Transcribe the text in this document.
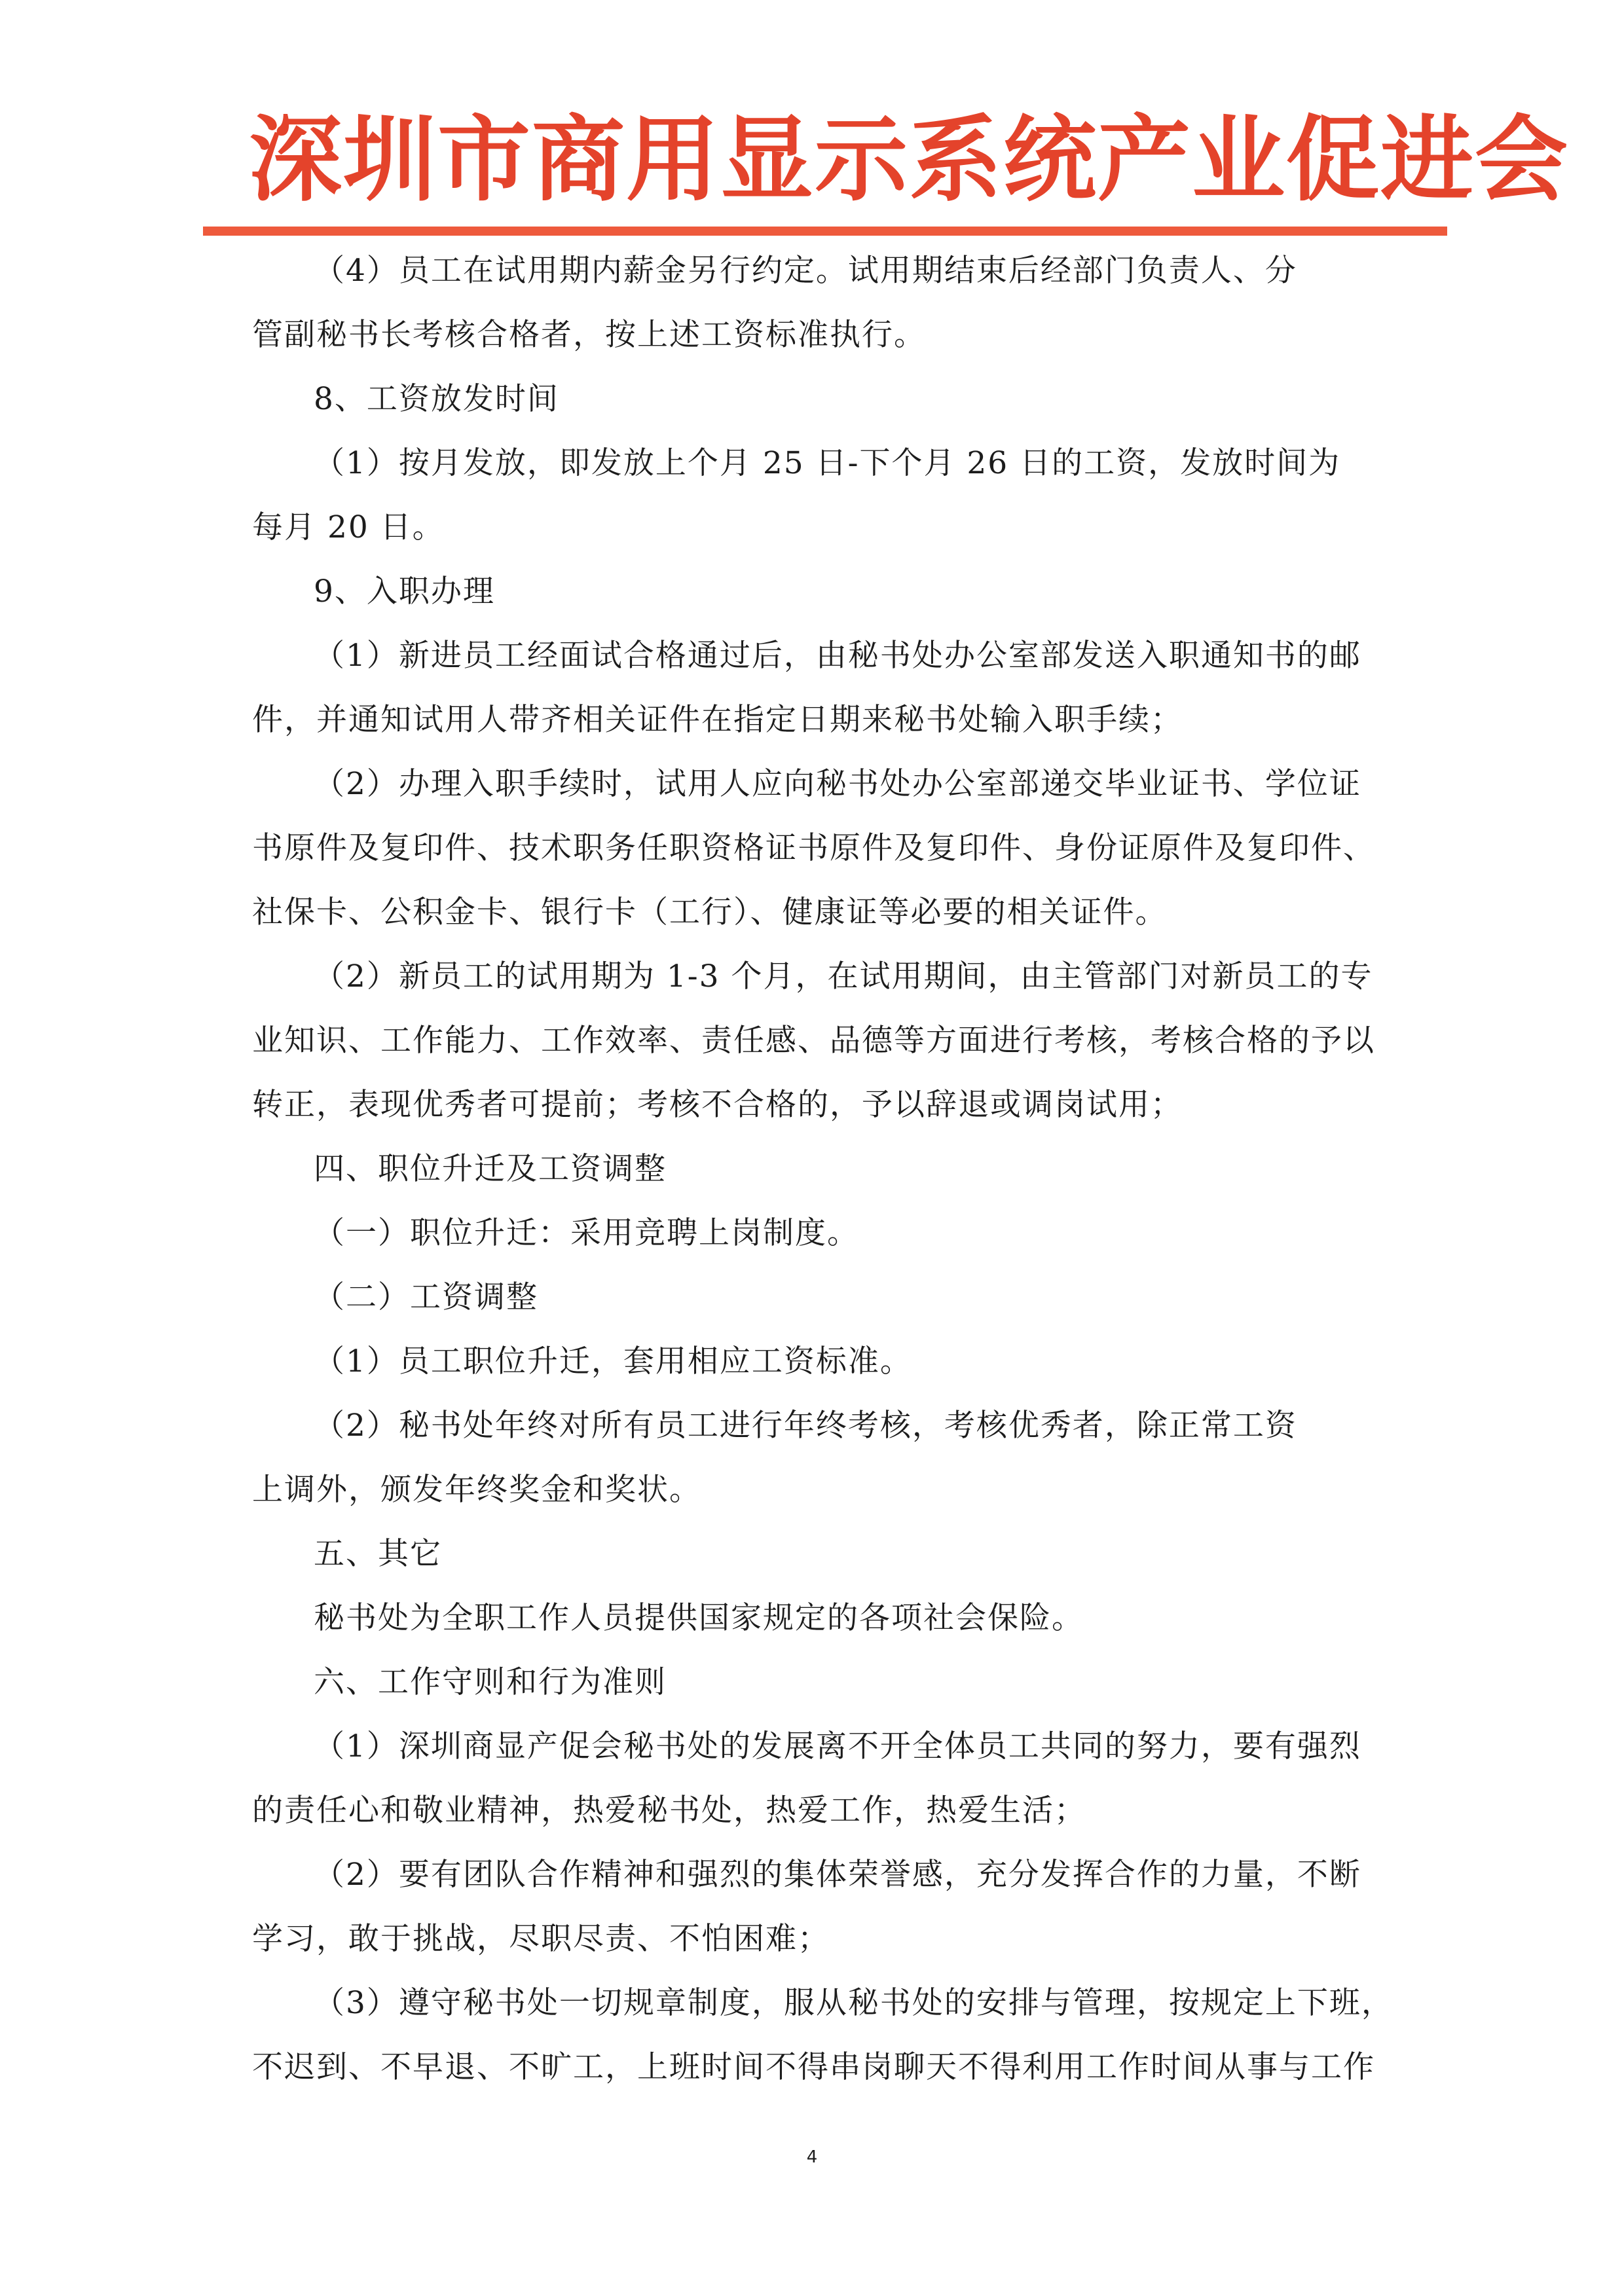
深圳市商用显示系统产业促进会

（4）员工在试用期内薪金另行约定。试用期结束后经部门负责人、分

管副秘书长考核合格者，按上述工资标准执行。

8、工资放发时间

（1）按月发放，即发放上个月 25 日-下个月 26 日的工资，发放时间为

每月 20 日。

9、入职办理

（1）新进员工经面试合格通过后，由秘书处办公室部发送入职通知书的邮

件，并通知试用人带齐相关证件在指定日期来秘书处输入职手续；

（2）办理入职手续时，试用人应向秘书处办公室部递交毕业证书、学位证

书原件及复印件、技术职务任职资格证书原件及复印件、身份证原件及复印件、

社保卡、公积金卡、银行卡（工行）、健康证等必要的相关证件。

（2）新员工的试用期为 1-3 个月，在试用期间，由主管部门对新员工的专

业知识、工作能力、工作效率、责任感、品德等方面进行考核，考核合格的予以

转正，表现优秀者可提前；考核不合格的，予以辞退或调岗试用；

四、职位升迁及工资调整

（一）职位升迁：采用竞聘上岗制度。

（二）工资调整

（1）员工职位升迁，套用相应工资标准。

（2）秘书处年终对所有员工进行年终考核，考核优秀者，除正常工资

上调外，颁发年终奖金和奖状。

五、其它

秘书处为全职工作人员提供国家规定的各项社会保险。

六、工作守则和行为准则

（1）深圳商显产促会秘书处的发展离不开全体员工共同的努力，要有强烈

的责任心和敬业精神，热爱秘书处，热爱工作，热爱生活；

（2）要有团队合作精神和强烈的集体荣誉感，充分发挥合作的力量，不断

学习，敢于挑战，尽职尽责、不怕困难；

（3）遵守秘书处一切规章制度，服从秘书处的安排与管理，按规定上下班，

不迟到、不早退、不旷工，上班时间不得串岗聊天不得利用工作时间从事与工作

4
